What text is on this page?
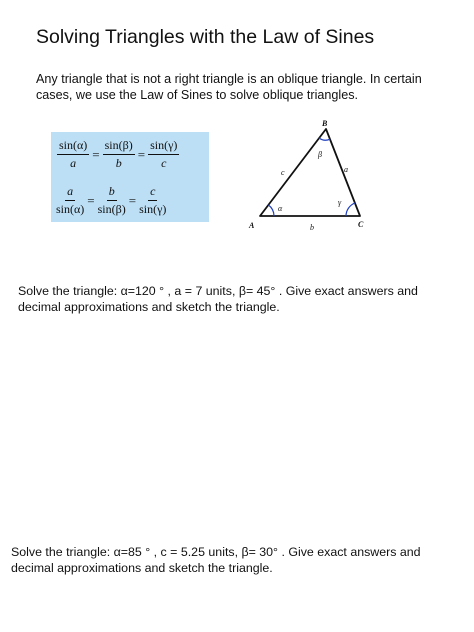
Solving Triangles with the Law of Sines
Any triangle that is not a right triangle is an oblique triangle. In certain cases, we use the Law of Sines to solve oblique triangles.
$\frac{\sin(\alpha)}{a} = \frac{\sin(\beta)}{b} = \frac{\sin(\gamma)}{c}$
$\frac{a}{\sin(\alpha)} = \frac{b}{\sin(\beta)} = \frac{c}{\sin(\gamma)}$
B
A	C
a
b
c
α
β
γ
Solve the triangle: α=120 ° , a = 7 units, β= 45° . Give exact answers and decimal approximations and sketch the triangle.
Solve the triangle: α=85 ° , c = 5.25 units, β= 30° . Give exact answers and decimal approximations and sketch the triangle.
